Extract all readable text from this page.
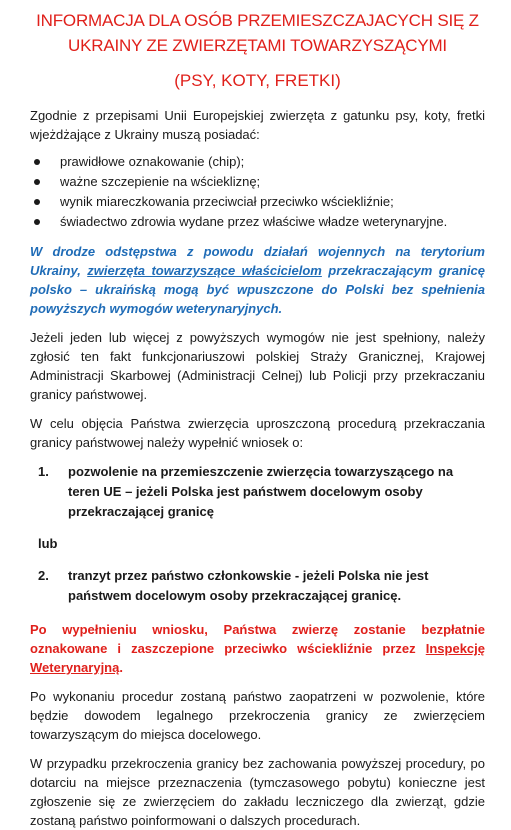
INFORMACJA DLA OSÓB PRZEMIESZCZAJACYCH SIĘ Z UKRAINY ZE ZWIERZĘTAMI TOWARZYSZĄCYMI
(PSY, KOTY, FRETKI)

Zgodnie z przepisami Unii Europejskiej zwierzęta z gatunku psy, koty, fretki wjeżdżające z Ukrainy muszą posiadać:

prawidłowe oznakowanie (chip);
ważne szczepienie na wściekliznę;
wynik miareczkowania przeciwciał przeciwko wściekliźnie;
świadectwo zdrowia wydane przez właściwe władze weterynaryjne.

W drodze odstępstwa z powodu działań wojennych na terytorium Ukrainy, zwierzęta towarzyszące właścicielom przekraczającym granicę polsko – ukraińską mogą być wpuszczone do Polski bez spełnienia powyższych wymogów weterynaryjnych.

Jeżeli jeden lub więcej z powyższych wymogów nie jest spełniony, należy zgłosić ten fakt funkcjonariuszowi polskiej Straży Granicznej, Krajowej Administracji Skarbowej (Administracji Celnej) lub Policji przy przekraczaniu granicy państwowej.

W celu objęcia Państwa zwierzęcia uproszczoną procedurą przekraczania granicy państwowej należy wypełnić wniosek o:

1. pozwolenie na przemieszczenie zwierzęcia towarzyszącego na teren UE – jeżeli Polska jest państwem docelowym osoby przekraczającej granicę
lub
2. tranzyt przez państwo członkowskie - jeżeli Polska nie jest państwem docelowym osoby przekraczającej granicę.

Po wypełnieniu wniosku, Państwa zwierzę zostanie bezpłatnie oznakowane i zaszczepione przeciwko wściekliźnie przez Inspekcję Weterynaryjną.

Po wykonaniu procedur zostaną państwo zaopatrzeni w pozwolenie, które będzie dowodem legalnego przekroczenia granicy ze zwierzęciem towarzyszącym do miejsca docelowego.

W przypadku przekroczenia granicy bez zachowania powyższej procedury, po dotarciu na miejsce przeznaczenia (tymczasowego pobytu) konieczne jest zgłoszenie się ze zwierzęciem do zakładu leczniczego dla zwierząt, gdzie zostaną państwo poinformowani o dalszych procedurach.
